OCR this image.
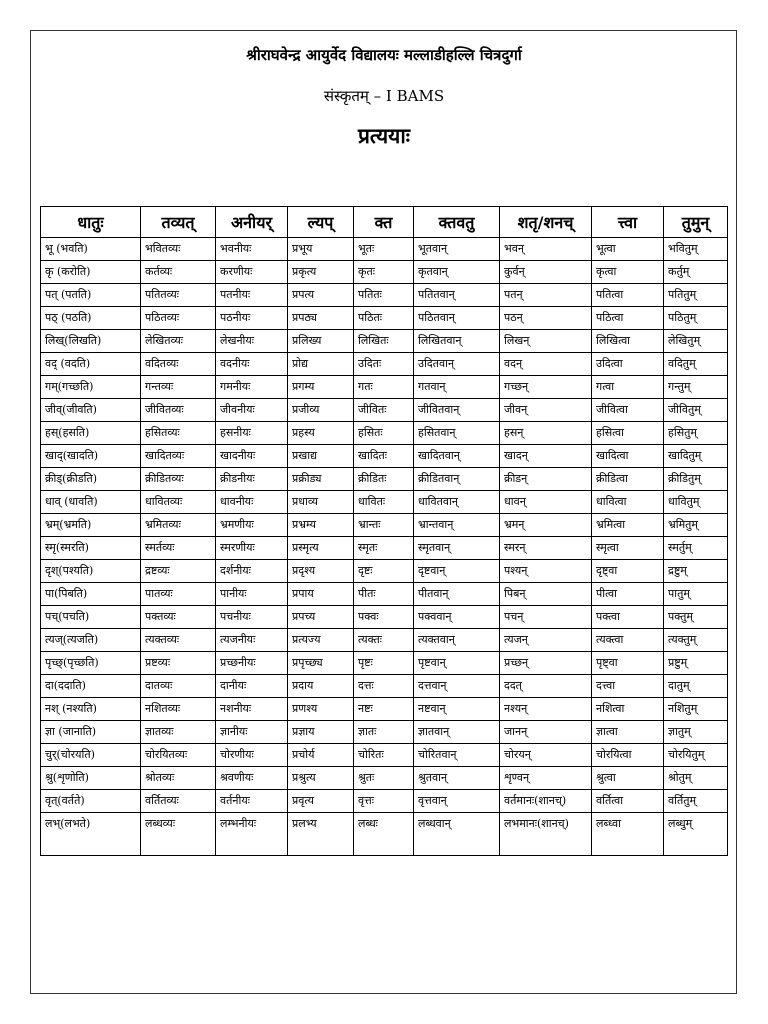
श्रीराघवेन्द्र आयुर्वेद विद्यालयः मल्लाडीहल्लि चित्रदुर्गा
संस्कृतम् – I BAMS
प्रत्ययाः
धातुः	तव्यत्	अनीयर्	ल्यप्	क्त	क्तवतु	शतृ/शनच्	त्त्वा	तुमुन्
भू (भवति)	भवितव्यः	भवनीयः	प्रभूय	भूतः	भूतवान्	भवन्	भूत्वा	भवितुम्
कृ (करोति)	कर्तव्यः	करणीयः	प्रकृत्य	कृतः	कृतवान्	कुर्वन्	कृत्वा	कर्तुम्
पत् (पतति)	पतितव्यः	पतनीयः	प्रपत्य	पतितः	पतितवान्	पतन्	पतित्वा	पतितुम्
पठ् (पठति)	पठितव्यः	पठनीयः	प्रपठ्य	पठितः	पठितवान्	पठन्	पठित्वा	पठितुम्
लिख्(लिखति)	लेखितव्यः	लेखनीयः	प्रलिख्य	लिखितः	लिखितवान्	लिखन्	लिखित्वा	लेखितुम्
वद् (वदति)	वदितव्यः	वदनीयः	प्रोद्य	उदितः	उदितवान्	वदन्	उदित्वा	वदितुम्
गम्(गच्छति)	गन्तव्यः	गमनीयः	प्रगम्य	गतः	गतवान्	गच्छन्	गत्वा	गन्तुम्
जीव्(जीवति)	जीवितव्यः	जीवनीयः	प्रजीव्य	जीवितः	जीवितवान्	जीवन्	जीवित्वा	जीवितुम्
हस्(हसति)	हसितव्यः	हसनीयः	प्रहस्य	हसितः	हसितवान्	हसन्	हसित्वा	हसितुम्
खाद्(खादति)	खादितव्यः	खादनीयः	प्रखाद्य	खादितः	खादितवान्	खादन्	खादित्वा	खादितुम्
क्रीड्(क्रीडति)	क्रीडितव्यः	क्रीडनीयः	प्रक्रीड्य	क्रीडितः	क्रीडितवान्	क्रीडन्	क्रीडित्वा	क्रीडितुम्
धाव् (धावति)	धावितव्यः	धावनीयः	प्रधाव्य	धावितः	धावितवान्	धावन्	धावित्वा	धावितुम्
भ्रम्(भ्रमति)	भ्रमितव्यः	भ्रमणीयः	प्रभ्रम्य	भ्रान्तः	भ्रान्तवान्	भ्रमन्	भ्रमित्वा	भ्रमितुम्
स्मृ(स्मरति)	स्मर्तव्यः	स्मरणीयः	प्रस्मृत्य	स्मृतः	स्मृतवान्	स्मरन्	स्मृत्वा	स्मर्तुम्
दृश्(पश्यति)	द्रष्टव्यः	दर्शनीयः	प्रदृश्य	दृष्टः	दृष्टवान्	पश्यन्	दृष्ट्वा	द्रष्टुम्
पा(पिबति)	पातव्यः	पानीयः	प्रपाय	पीतः	पीतवान्	पिबन्	पीत्वा	पातुम्
पच्(पचति)	पक्तव्यः	पचनीयः	प्रपच्य	पक्वः	पक्ववान्	पचन्	पक्त्वा	पक्तुम्
त्यज्(त्यजति)	त्यक्तव्यः	त्यजनीयः	प्रत्यज्य	त्यक्तः	त्यक्तवान्	त्यजन्	त्यक्त्वा	त्यक्तुम्
पृच्छ्(पृच्छति)	प्रष्टव्यः	प्रच्छनीयः	प्रपृच्छ्य	पृष्टः	पृष्टवान्	प्रच्छन्	पृष्ट्वा	प्रष्टुम्
दा(ददाति)	दातव्यः	दानीयः	प्रदाय	दत्तः	दत्तवान्	ददत्	दत्त्वा	दातुम्
नश् (नश्यति)	नशितव्यः	नशनीयः	प्रणश्य	नष्टः	नष्टवान्	नश्यन्	नशित्वा	नशितुम्
ज्ञा (जानाति)	ज्ञातव्यः	ज्ञानीयः	प्रज्ञाय	ज्ञातः	ज्ञातवान्	जानन्	ज्ञात्वा	ज्ञातुम्
चुर्(चोरयति)	चोरयितव्यः	चोरणीयः	प्रचोर्य	चोरितः	चोरितवान्	चोरयन्	चोरयित्वा	चोरयितुम्
श्रु(शृणोति)	श्रोतव्यः	श्रवणीयः	प्रश्रुत्य	श्रुतः	श्रुतवान्	शृण्वन्	श्रुत्वा	श्रोतुम्
वृत्(वर्तते)	वर्तितव्यः	वर्तनीयः	प्रवृत्य	वृत्तः	वृत्तवान्	वर्तमानः(शानच्)	वर्तित्वा	वर्तितुम्
लभ्(लभते)	लब्धव्यः	लम्भनीयः	प्रलभ्य	लब्धः	लब्धवान्	लभमानः(शानच्)	लब्ध्वा	लब्धुम्
